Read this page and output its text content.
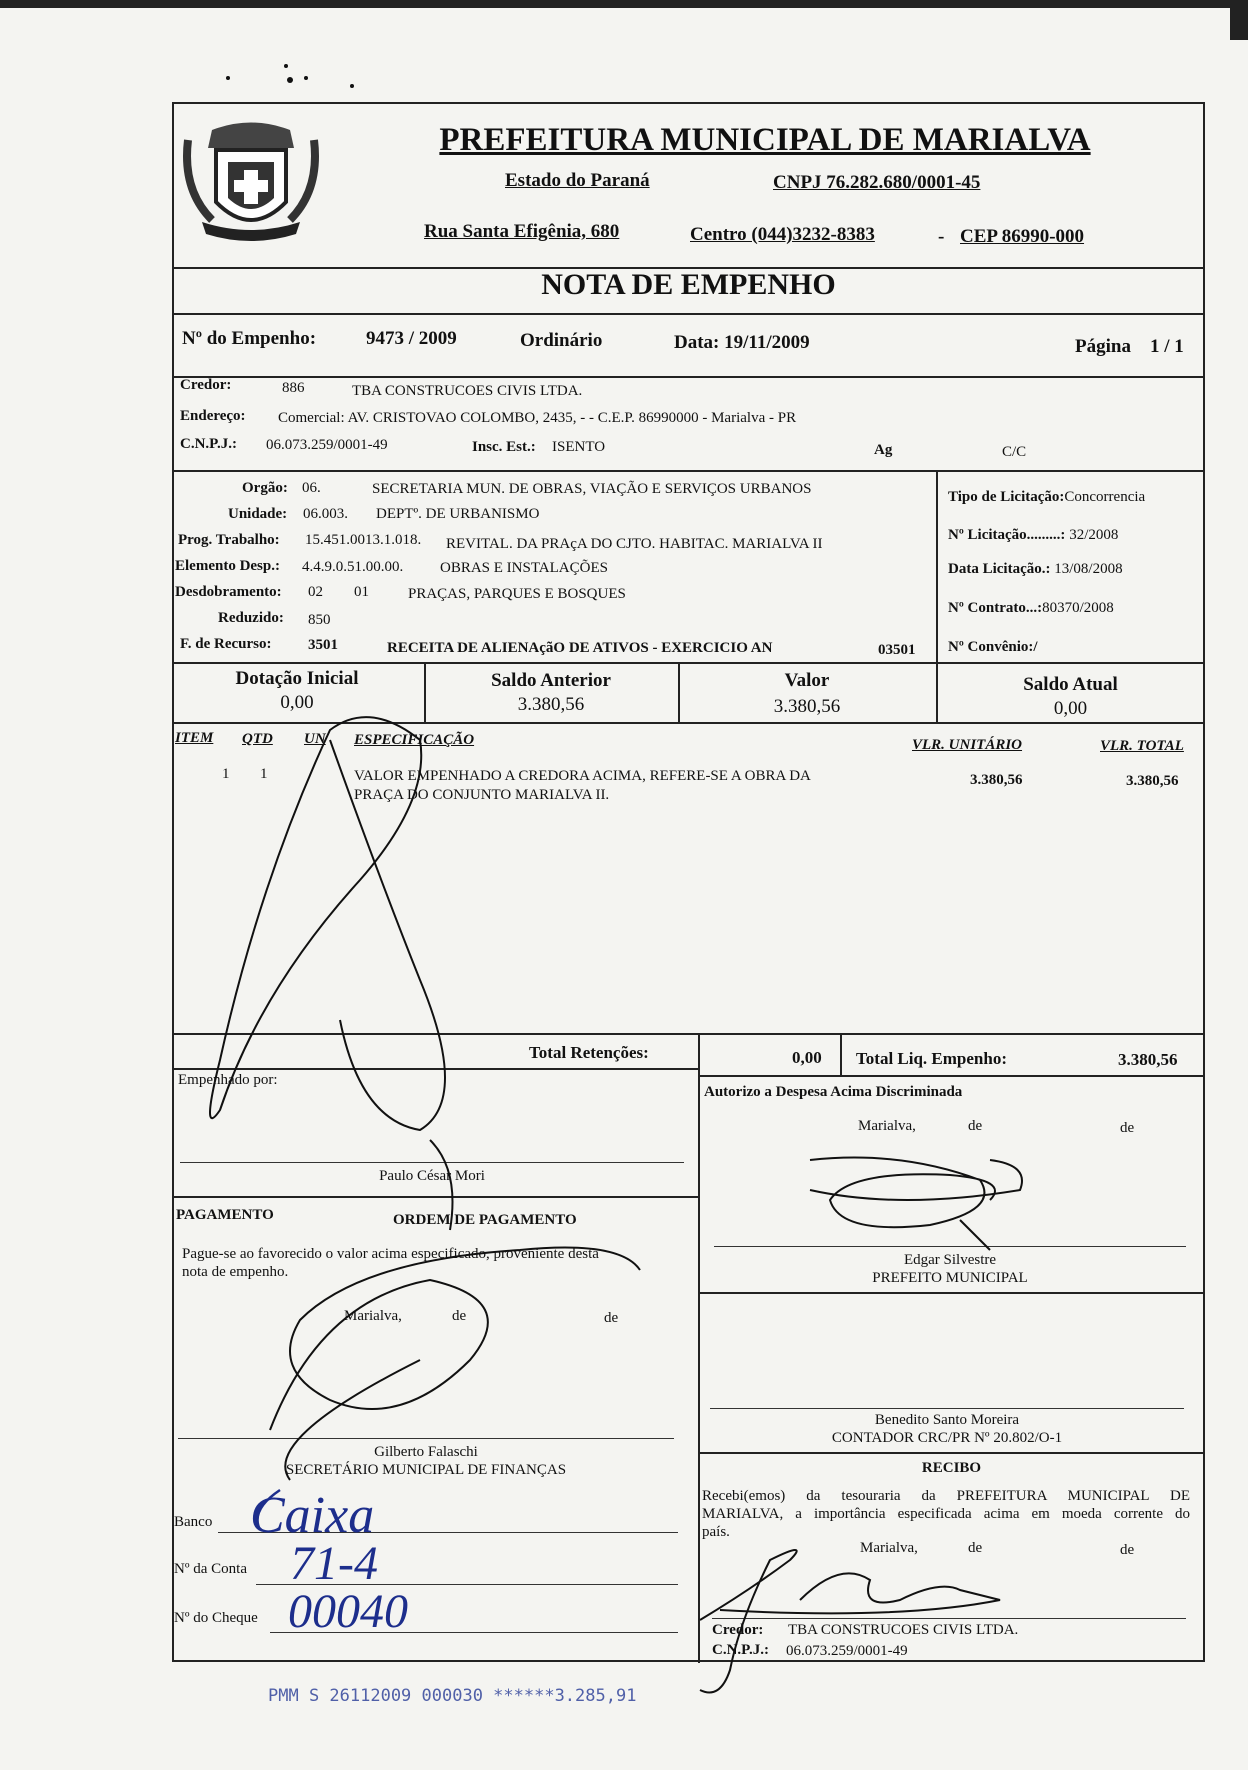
PREFEITURA MUNICIPAL DE MARIALVA
Estado do Paraná	CNPJ 76.282.680/0001-45
Rua Santa Efigênia, 680	Centro (044)3232-8383	- CEP 86990-000
NOTA DE EMPENHO
Nº do Empenho:	9473 / 2009	Ordinário	Data: 19/11/2009	Página 1 / 1
Credor:	886	TBA CONSTRUCOES CIVIS LTDA.
Endereço: Comercial: AV. CRISTOVAO COLOMBO, 2435, - - C.E.P. 86990000 - Marialva - PR
C.N.P.J.: 06.073.259/0001-49	Insc. Est.: ISENTO	Ag	C/C
Orgão: 06.	SECRETARIA MUN. DE OBRAS, VIAÇÃO E SERVIÇOS URBANOS
Unidade: 06.003. DEPTº. DE URBANISMO
Prog. Trabalho: 15.451.0013.1.018. REVITAL. DA PRAçA DO CJTO. HABITAC. MARIALVA II
Elemento Desp.: 4.4.9.0.51.00.00. OBRAS E INSTALAÇÕES
Desdobramento: 02 01	PRAÇAS, PARQUES E BOSQUES
Reduzido: 850
F. de Recurso: 3501	RECEITA DE ALIENAçãO DE ATIVOS - EXERCICIO AN	03501
Tipo de Licitação:Concorrencia
Nº Licitação.........: 32/2008
Data Licitação.: 13/08/2008
Nº Contrato...:80370/2008
Nº Convênio:/
Dotação Inicial
0,00
Saldo Anterior
3.380,56
Valor
3.380,56
Saldo Atual
0,00
ITEM QTD UN ESPECIFICAÇÃO	VLR. UNITÁRIO	VLR. TOTAL
1 1	VALOR EMPENHADO A CREDORA ACIMA, REFERE-SE A OBRA DA
PRAÇA DO CONJUNTO MARIALVA II.
3.380,56	3.380,56
Total Retenções:	0,00 Total Liq. Empenho:	3.380,56
Empenhado por:
Paulo César Mori
PAGAMENTO	ORDEM DE PAGAMENTO
Pague-se ao favorecido o valor acima especificado, proveniente desta
nota de empenho.
Marialva,	de	de
Gilberto Falaschi
SECRETÁRIO MUNICIPAL DE FINANÇAS
Banco Caixa
Nº da Conta 71-4
Nº do Cheque 00040
Autorizo a Despesa Acima Discriminada
Marialva,	de	de
Edgar Silvestre
PREFEITO MUNICIPAL
Benedito Santo Moreira
CONTADOR CRC/PR Nº 20.802/O-1
RECIBO
Recebi(emos) da tesouraria da PREFEITURA MUNICIPAL DE
MARIALVA, a importância especificada acima em moeda corrente do
país.
Marialva,	de	de
Credor: TBA CONSTRUCOES CIVIS LTDA.
C.N.P.J.: 06.073.259/0001-49
PMM S 26112009 000030 ******3.285,91
